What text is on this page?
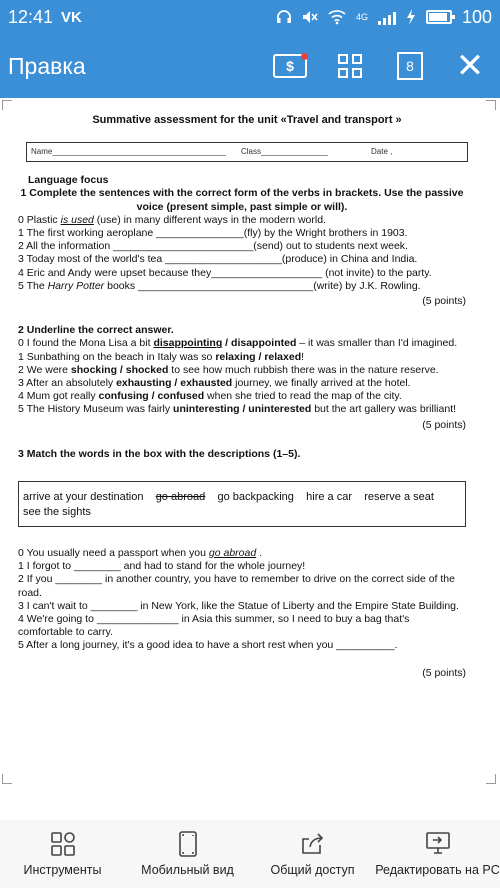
12:41 VK	4G	100
Правка	$	8 ✕

Summative assessment for the unit «Travel and transport »

Name_______________________________________	Class_______________	Date ,

Language focus

1 Complete the sentences with the correct form of the verbs in brackets. Use the passive voice (present simple, past simple or will).

0 Plastic is used (use) in many different ways in the modern world.

1 The first working aeroplane _______________(fly) by the Wright brothers in 1903.

2 All the information ________________________(send) out to students next week.

3 Today most of the world's tea ____________________(produce) in China and India.

4 Eric and Andy were upset because they___________________ (not invite) to the party.

5 The Harry Potter books ______________________________(write) by J.K. Rowling.

(5 points)

2 Underline the correct answer.

0 I found the Mona Lisa a bit disappointing / disappointed – it was smaller than I'd imagined.

1 Sunbathing on the beach in Italy was so relaxing / relaxed!

2 We were shocking / shocked to see how much rubbish there was in the nature reserve.

3 After an absolutely exhausting / exhausted journey, we finally arrived at the hotel.

4 Mum got really confusing / confused when she tried to read the map of the city.

5 The History Museum was fairly uninteresting / uninterested but the art gallery was brilliant!

(5 points)

3 Match the words in the box with the descriptions (1–5).

arrive at your destination go abroad go backpacking hire a car reserve a seat    see the sights

0 You usually need a passport when you go abroad .

1 I forgot to ________ and had to stand for the whole journey!

2 If you ________ in another country, you have to remember to drive on the correct side of the road.

3 I can't wait to ________ in New York, like the Statue of Liberty and the Empire State Building.

4 We're going to ______________ in Asia this summer, so I need to buy a bag that's comfortable to carry.

5 After a long journey, it's a good idea to have a short rest when you __________.

(5 points)

Инструменты	Мобильный вид	Общий доступ Редактировать на PC
